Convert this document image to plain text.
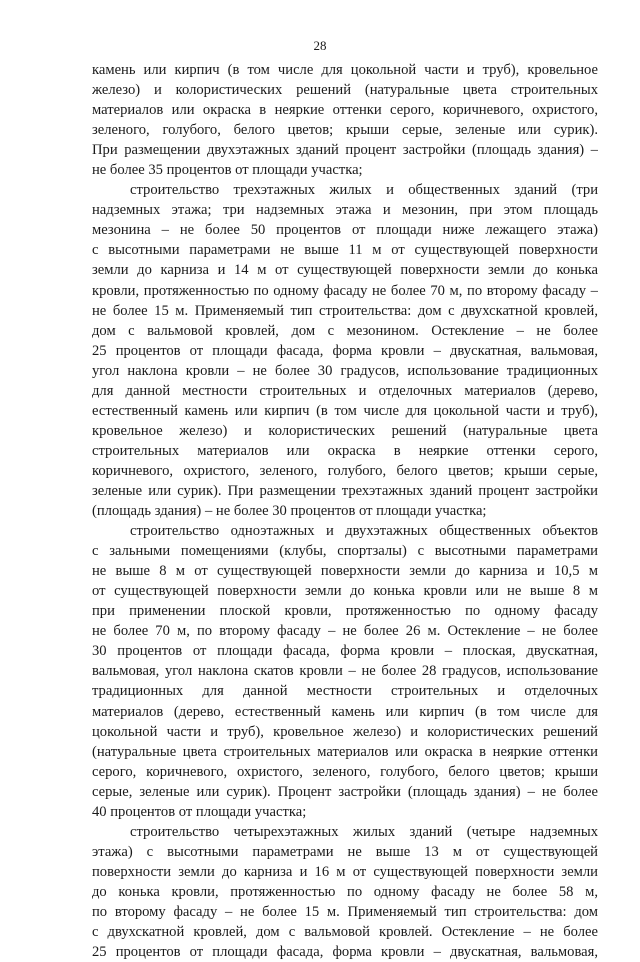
28
камень или кирпич (в том числе для цокольной части и труб), кровельное
железо) и колористических решений (натуральные цвета строительных
материалов или окраска в неяркие оттенки серого, коричневого, охристого,
зеленого, голубого, белого цветов; крыши серые, зеленые или сурик).
При размещении двухэтажных зданий процент застройки (площадь здания) –
не более 35 процентов от площади участка;
строительство трехэтажных жилых и общественных зданий (три
надземных этажа; три надземных этажа и мезонин, при этом площадь
мезонина – не более 50 процентов от площади ниже лежащего этажа)
с высотными параметрами не выше 11 м от существующей поверхности
земли до карниза и 14 м от существующей поверхности земли до конька
кровли, протяженностью по одному фасаду не более 70 м, по второму фасаду –
не более 15 м. Применяемый тип строительства: дом с двухскатной кровлей,
дом с вальмовой кровлей, дом с мезонином. Остекление – не более
25 процентов от площади фасада, форма кровли – двускатная, вальмовая,
угол наклона кровли – не более 30 градусов, использование традиционных
для данной местности строительных и отделочных материалов (дерево,
естественный камень или кирпич (в том числе для цокольной части и труб),
кровельное железо) и колористических решений (натуральные цвета
строительных материалов или окраска в неяркие оттенки серого,
коричневого, охристого, зеленого, голубого, белого цветов; крыши серые,
зеленые или сурик). При размещении трехэтажных зданий процент застройки
(площадь здания) – не более 30 процентов от площади участка;
строительство одноэтажных и двухэтажных общественных объектов
с зальными помещениями (клубы, спортзалы) с высотными параметрами
не выше 8 м от существующей поверхности земли до карниза и 10,5 м
от существующей поверхности земли до конька кровли или не выше 8 м
при применении плоской кровли, протяженностью по одному фасаду
не более 70 м, по второму фасаду – не более 26 м. Остекление – не более
30 процентов от площади фасада, форма кровли – плоская, двускатная,
вальмовая, угол наклона скатов кровли – не более 28 градусов, использование
традиционных для данной местности строительных и отделочных
материалов (дерево, естественный камень или кирпич (в том числе для
цокольной части и труб), кровельное железо) и колористических решений
(натуральные цвета строительных материалов или окраска в неяркие оттенки
серого, коричневого, охристого, зеленого, голубого, белого цветов; крыши
серые, зеленые или сурик). Процент застройки (площадь здания) – не более
40 процентов от площади участка;
строительство четырехэтажных жилых зданий (четыре надземных
этажа) с высотными параметрами не выше 13 м от существующей
поверхности земли до карниза и 16 м от существующей поверхности земли
до конька кровли, протяженностью по одному фасаду не более 58 м,
по второму фасаду – не более 15 м. Применяемый тип строительства: дом
с двухскатной кровлей, дом с вальмовой кровлей. Остекление – не более
25 процентов от площади фасада, форма кровли – двускатная, вальмовая,
